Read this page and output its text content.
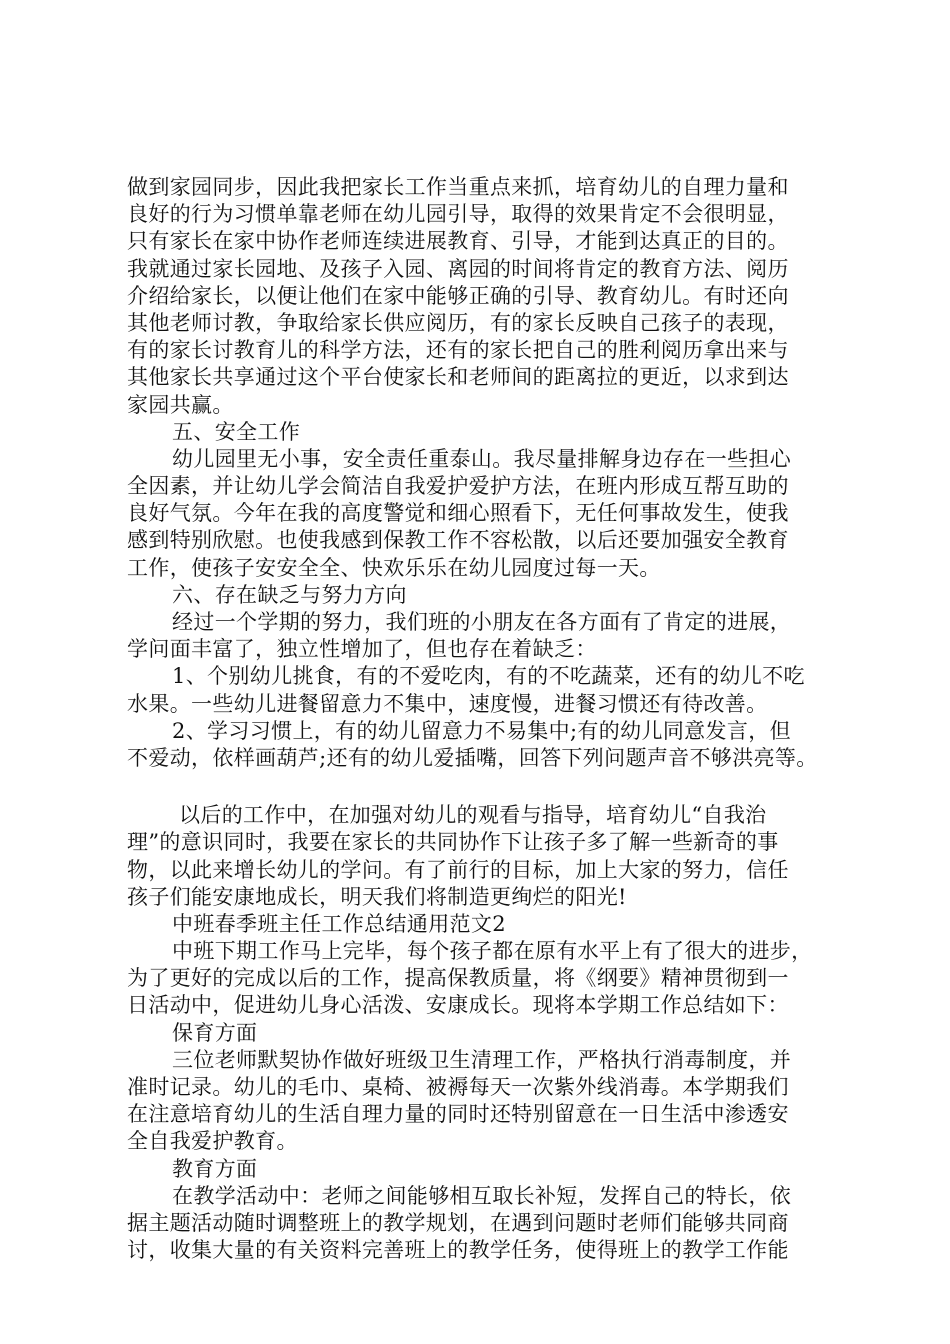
做到家园同步，因此我把家长工作当重点来抓，培育幼儿的自理力量和
良好的行为习惯单靠老师在幼儿园引导，取得的效果肯定不会很明显，
只有家长在家中协作老师连续进展教育、引导，才能到达真正的目的。
我就通过家长园地、及孩子入园、离园的时间将肯定的教育方法、阅历
介绍给家长，以便让他们在家中能够正确的引导、教育幼儿。有时还向
其他老师讨教，争取给家长供应阅历，有的家长反映自己孩子的表现，
有的家长讨教育儿的科学方法，还有的家长把自己的胜利阅历拿出来与
其他家长共享通过这个平台使家长和老师间的距离拉的更近，以求到达
家园共赢。
五、安全工作
幼儿园里无小事，安全责任重泰山。我尽量排解身边存在一些担心
全因素，并让幼儿学会简洁自我爱护爱护方法，在班内形成互帮互助的
良好气氛。今年在我的高度警觉和细心照看下，无任何事故发生，使我
感到特别欣慰。也使我感到保教工作不容松散，以后还要加强安全教育
工作，使孩子安安全全、快欢乐乐在幼儿园度过每一天。
六、存在缺乏与努力方向
经过一个学期的努力，我们班的小朋友在各方面有了肯定的进展，
学问面丰富了，独立性增加了，但也存在着缺乏：
1、个别幼儿挑食，有的不爱吃肉，有的不吃蔬菜，还有的幼儿不吃
水果。一些幼儿进餐留意力不集中，速度慢，进餐习惯还有待改善。
2、学习习惯上，有的幼儿留意力不易集中;有的幼儿同意发言，但
不爱动，依样画葫芦;还有的幼儿爱插嘴，回答下列问题声音不够洪亮等。
以后的工作中，在加强对幼儿的观看与指导，培育幼儿“自我治
理”的意识同时，我要在家长的共同协作下让孩子多了解一些新奇的事
物，以此来增长幼儿的学问。有了前行的目标，加上大家的努力，信任
孩子们能安康地成长，明天我们将制造更绚烂的阳光!
中班春季班主任工作总结通用范文2
中班下期工作马上完毕，每个孩子都在原有水平上有了很大的进步，
为了更好的完成以后的工作，提高保教质量，将《纲要》精神贯彻到一
日活动中，促进幼儿身心活泼、安康成长。现将本学期工作总结如下：
保育方面
三位老师默契协作做好班级卫生清理工作，严格执行消毒制度，并
准时记录。幼儿的毛巾、桌椅、被褥每天一次紫外线消毒。本学期我们
在注意培育幼儿的生活自理力量的同时还特别留意在一日生活中渗透安
全自我爱护教育。
教育方面
在教学活动中：老师之间能够相互取长补短，发挥自己的特长，依
据主题活动随时调整班上的教学规划，在遇到问题时老师们能够共同商
讨，收集大量的有关资料完善班上的教学任务，使得班上的教学工作能
